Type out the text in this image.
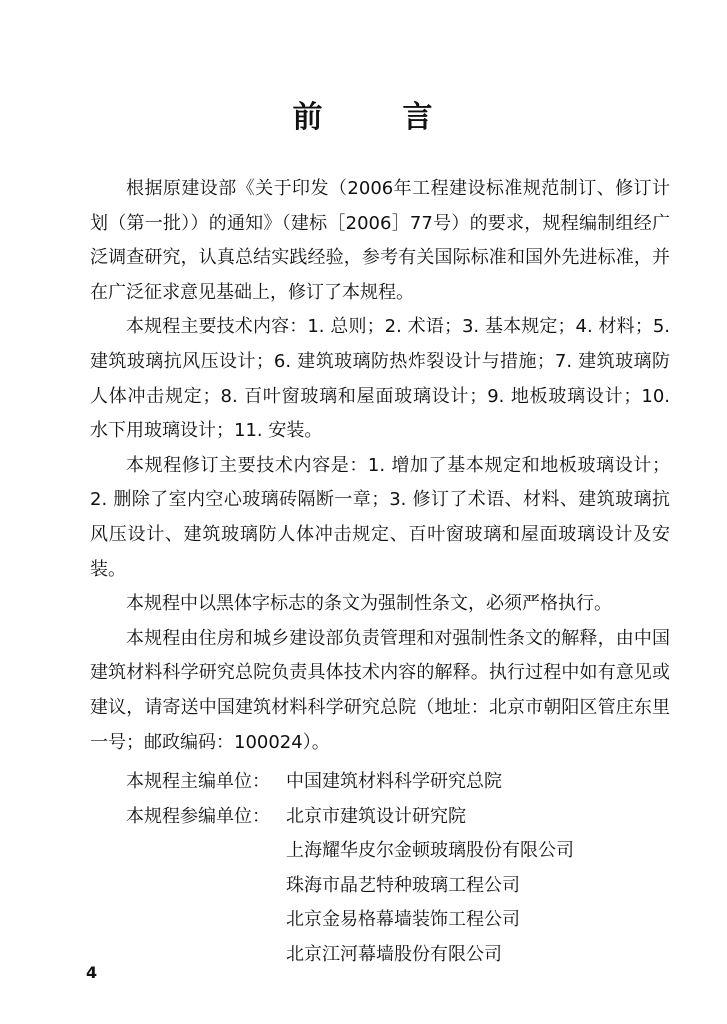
前	言

根据原建设部《关于印发（2006年工程建设标准规范制订、修订计划（第一批））的通知》（建标［2006］77号）的要求，规程编制组经广泛调查研究，认真总结实践经验，参考有关国际标准和国外先进标准，并在广泛征求意见基础上，修订了本规程。

本规程主要技术内容：1. 总则；2. 术语；3. 基本规定；4. 材料；5. 建筑玻璃抗风压设计；6. 建筑玻璃防热炸裂设计与措施；7. 建筑玻璃防人体冲击规定；8. 百叶窗玻璃和屋面玻璃设计；9. 地板玻璃设计；10. 水下用玻璃设计；11. 安装。

本规程修订主要技术内容是：1. 增加了基本规定和地板玻璃设计；2. 删除了室内空心玻璃砖隔断一章；3. 修订了术语、材料、建筑玻璃抗风压设计、建筑玻璃防人体冲击规定、百叶窗玻璃和屋面玻璃设计及安装。

本规程中以黑体字标志的条文为强制性条文，必须严格执行。

本规程由住房和城乡建设部负责管理和对强制性条文的解释，由中国建筑材料科学研究总院负责具体技术内容的解释。执行过程中如有意见或建议，请寄送中国建筑材料科学研究总院（地址：北京市朝阳区管庄东里一号；邮政编码：100024）。

本规程主编单位： 中国建筑材料科学研究总院
本规程参编单位： 北京市建筑设计研究院
上海耀华皮尔金顿玻璃股份有限公司
珠海市晶艺特种玻璃工程公司
北京金易格幕墙装饰工程公司
北京江河幕墙股份有限公司
4
